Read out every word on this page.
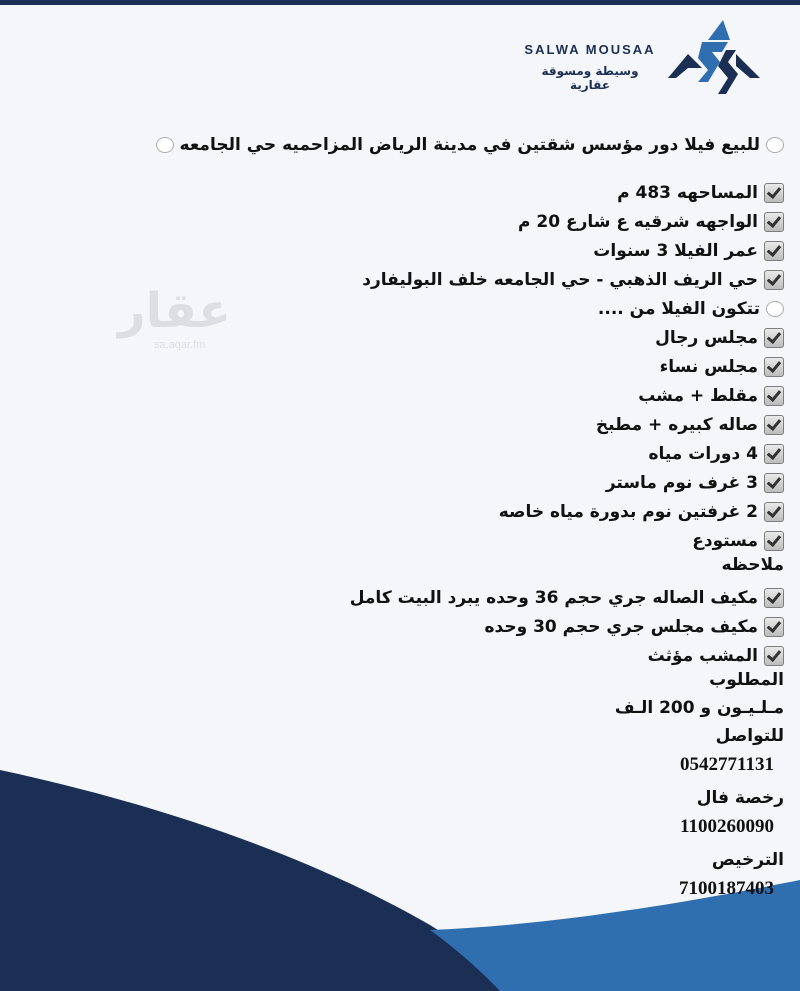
SALWA MOUSAA
وسيطة ومسوقة عقارية
عقار
sa.aqar.fm
للبيع فيلا دور مؤسس شقتين في مدينة الرياض المزاحميه حي الجامعه
المساحهه 483 م
الواجهه شرقيه ع شارع 20 م
عمر الفيلا 3 سنوات
حي الريف الذهبي - حي الجامعه خلف البوليفارد
تتكون الفيلا من ....
مجلس رجال
مجلس نساء
مقلط + مشب
صاله كبيره + مطبخ
4 دورات مياه
3 غرف نوم ماستر
2 غرفتين نوم بدورة مياه خاصه
مستودع
ملاحظه
مكيف الصاله جري حجم 36 وحده يبرد البيت كامل
مكيف مجلس جري حجم 30 وحده
المشب مؤثث
المطلوب
مـلـيـون و 200 الـف
للتواصل
0542771131
رخصة فال
1100260090
الترخيص
7100187403
